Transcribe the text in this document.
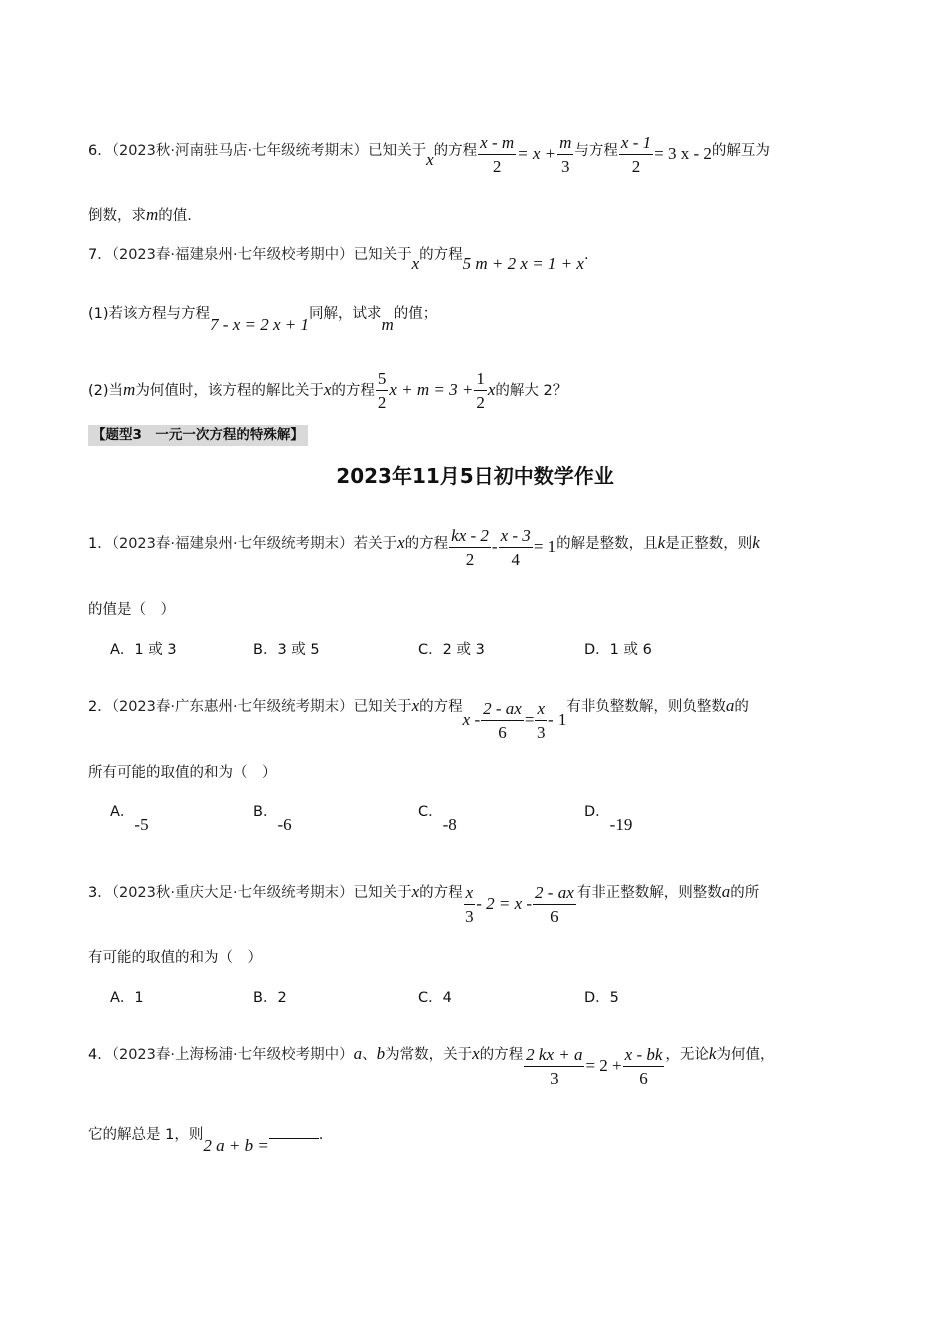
6．（2023秋·河南驻马店·七年级统考期末）已知关于x的方程 $\frac{x - m}{2} = x + \frac{m}{3}$ 与方程 $\frac{x - 1}{2} = 3$ x - 2的解互为
倒数，求m的值.
7．（2023春·福建泉州·七年级校考期中）已知关于x的方程5 m + 2 x = 1 + x.
(1)若该方程与方程7 - x = 2 x + 1同解，试求m的值；
(2)当m为何值时，该方程的解比关于x的方程 $\frac{5}{2}$ $x + m = 3 + \frac{1}{2}$ x的解大 2？
【题型3　一元一次方程的特殊解】
2023年11月5日初中数学作业
1．（2023春·福建泉州·七年级统考期末）若关于x的方程 $\frac{kx - 2}{2} - \frac{x - 3}{4} = 1$的解是整数，且k是正整数，则k
的值是（　）
A．1 或 3	B．3 或 5	C．2 或 3	D．1 或 6
2．（2023春·广东惠州·七年级统考期末）已知关于x的方程$x - \frac{2 - ax}{6} = \frac{x}{3} - 1$有非负整数解，则负整数a的
所有可能的取值的和为（　）
A．-5
B．-6
C．-8
D．-19
3．（2023秋·重庆大足·七年级统考期末）已知关于x的方程 $\frac{x}{3} - 2 = x - \frac{2 - ax}{6}$ 有非正整数解，则整数a的所
有可能的取值的和为（　）
A．1	B．2	C．4	D．5
4．（2023春·上海杨浦·七年级校考期中）a、b为常数，关于x的方程 $\frac{2 kx + a}{3} = 2 + \frac{x - bk}{6}$ ，无论k为何值，
它的解总是 1，则2 a + b =.
